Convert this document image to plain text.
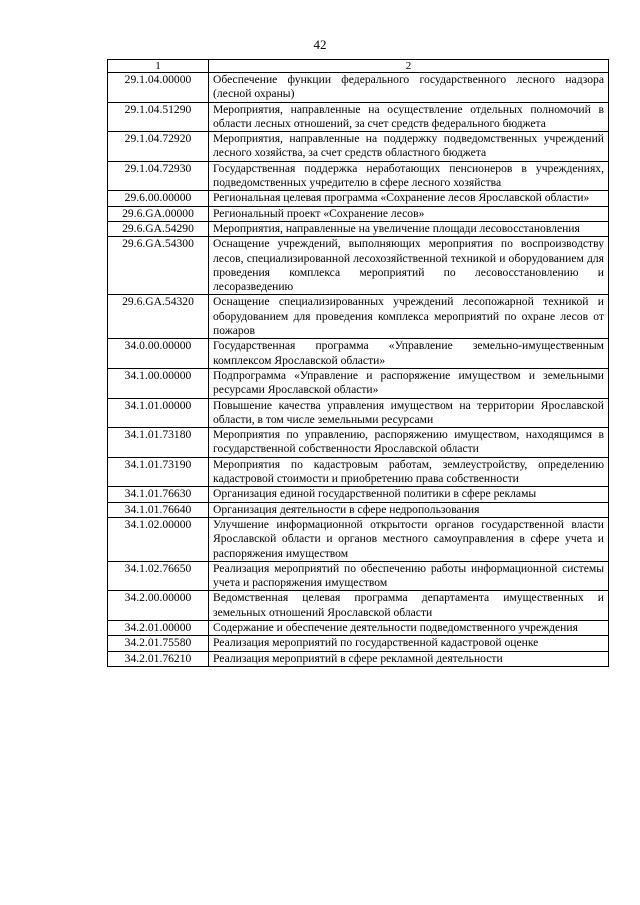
42
1	2
29.1.04.00000	Обеспечение функции федерального государственного лесного надзора (лесной охраны)
29.1.04.51290	Мероприятия, направленные на осуществление отдельных полномочий в области лесных отношений, за счет средств федерального бюджета
29.1.04.72920	Мероприятия, направленные на поддержку подведомственных учреждений лесного хозяйства, за счет средств областного бюджета
29.1.04.72930	Государственная поддержка неработающих пенсионеров в учреждениях, подведомственных учредителю в сфере лесного хозяйства
29.6.00.00000	Региональная целевая программа «Сохранение лесов Ярославской области»
29.6.GA.00000	Региональный проект «Сохранение лесов»
29.6.GA.54290	Мероприятия, направленные на увеличение площади лесовосстановления
29.6.GA.54300	Оснащение учреждений, выполняющих мероприятия по воспроизводству лесов, специализированной лесохозяйственной техникой и оборудованием для проведения комплекса мероприятий по лесовосстановлению и лесоразведению
29.6.GA.54320	Оснащение специализированных учреждений лесопожарной техникой и оборудованием для проведения комплекса мероприятий по охране лесов от пожаров
34.0.00.00000	Государственная программа «Управление земельно-имущественным комплексом Ярославской области»
34.1.00.00000	Подпрограмма «Управление и распоряжение имуществом и земельными ресурсами Ярославской области»
34.1.01.00000	Повышение качества управления имуществом на территории Ярославской области, в том числе земельными ресурсами
34.1.01.73180	Мероприятия по управлению, распоряжению имуществом, находящимся в государственной собственности Ярославской области
34.1.01.73190	Мероприятия по кадастровым работам, землеустройству, определению кадастровой стоимости и приобретению права собственности
34.1.01.76630	Организация единой государственной политики в сфере рекламы
34.1.01.76640	Организация деятельности в сфере недропользования
34.1.02.00000	Улучшение информационной открытости органов государственной власти Ярославской области и органов местного самоуправления в сфере учета и распоряжения имуществом
34.1.02.76650	Реализация мероприятий по обеспечению работы информационной системы учета и распоряжения имуществом
34.2.00.00000	Ведомственная целевая программа департамента имущественных и земельных отношений Ярославской области
34.2.01.00000	Содержание и обеспечение деятельности подведомственного учреждения
34.2.01.75580	Реализация мероприятий по государственной кадастровой оценке
34.2.01.76210	Реализация мероприятий в сфере рекламной деятельности
